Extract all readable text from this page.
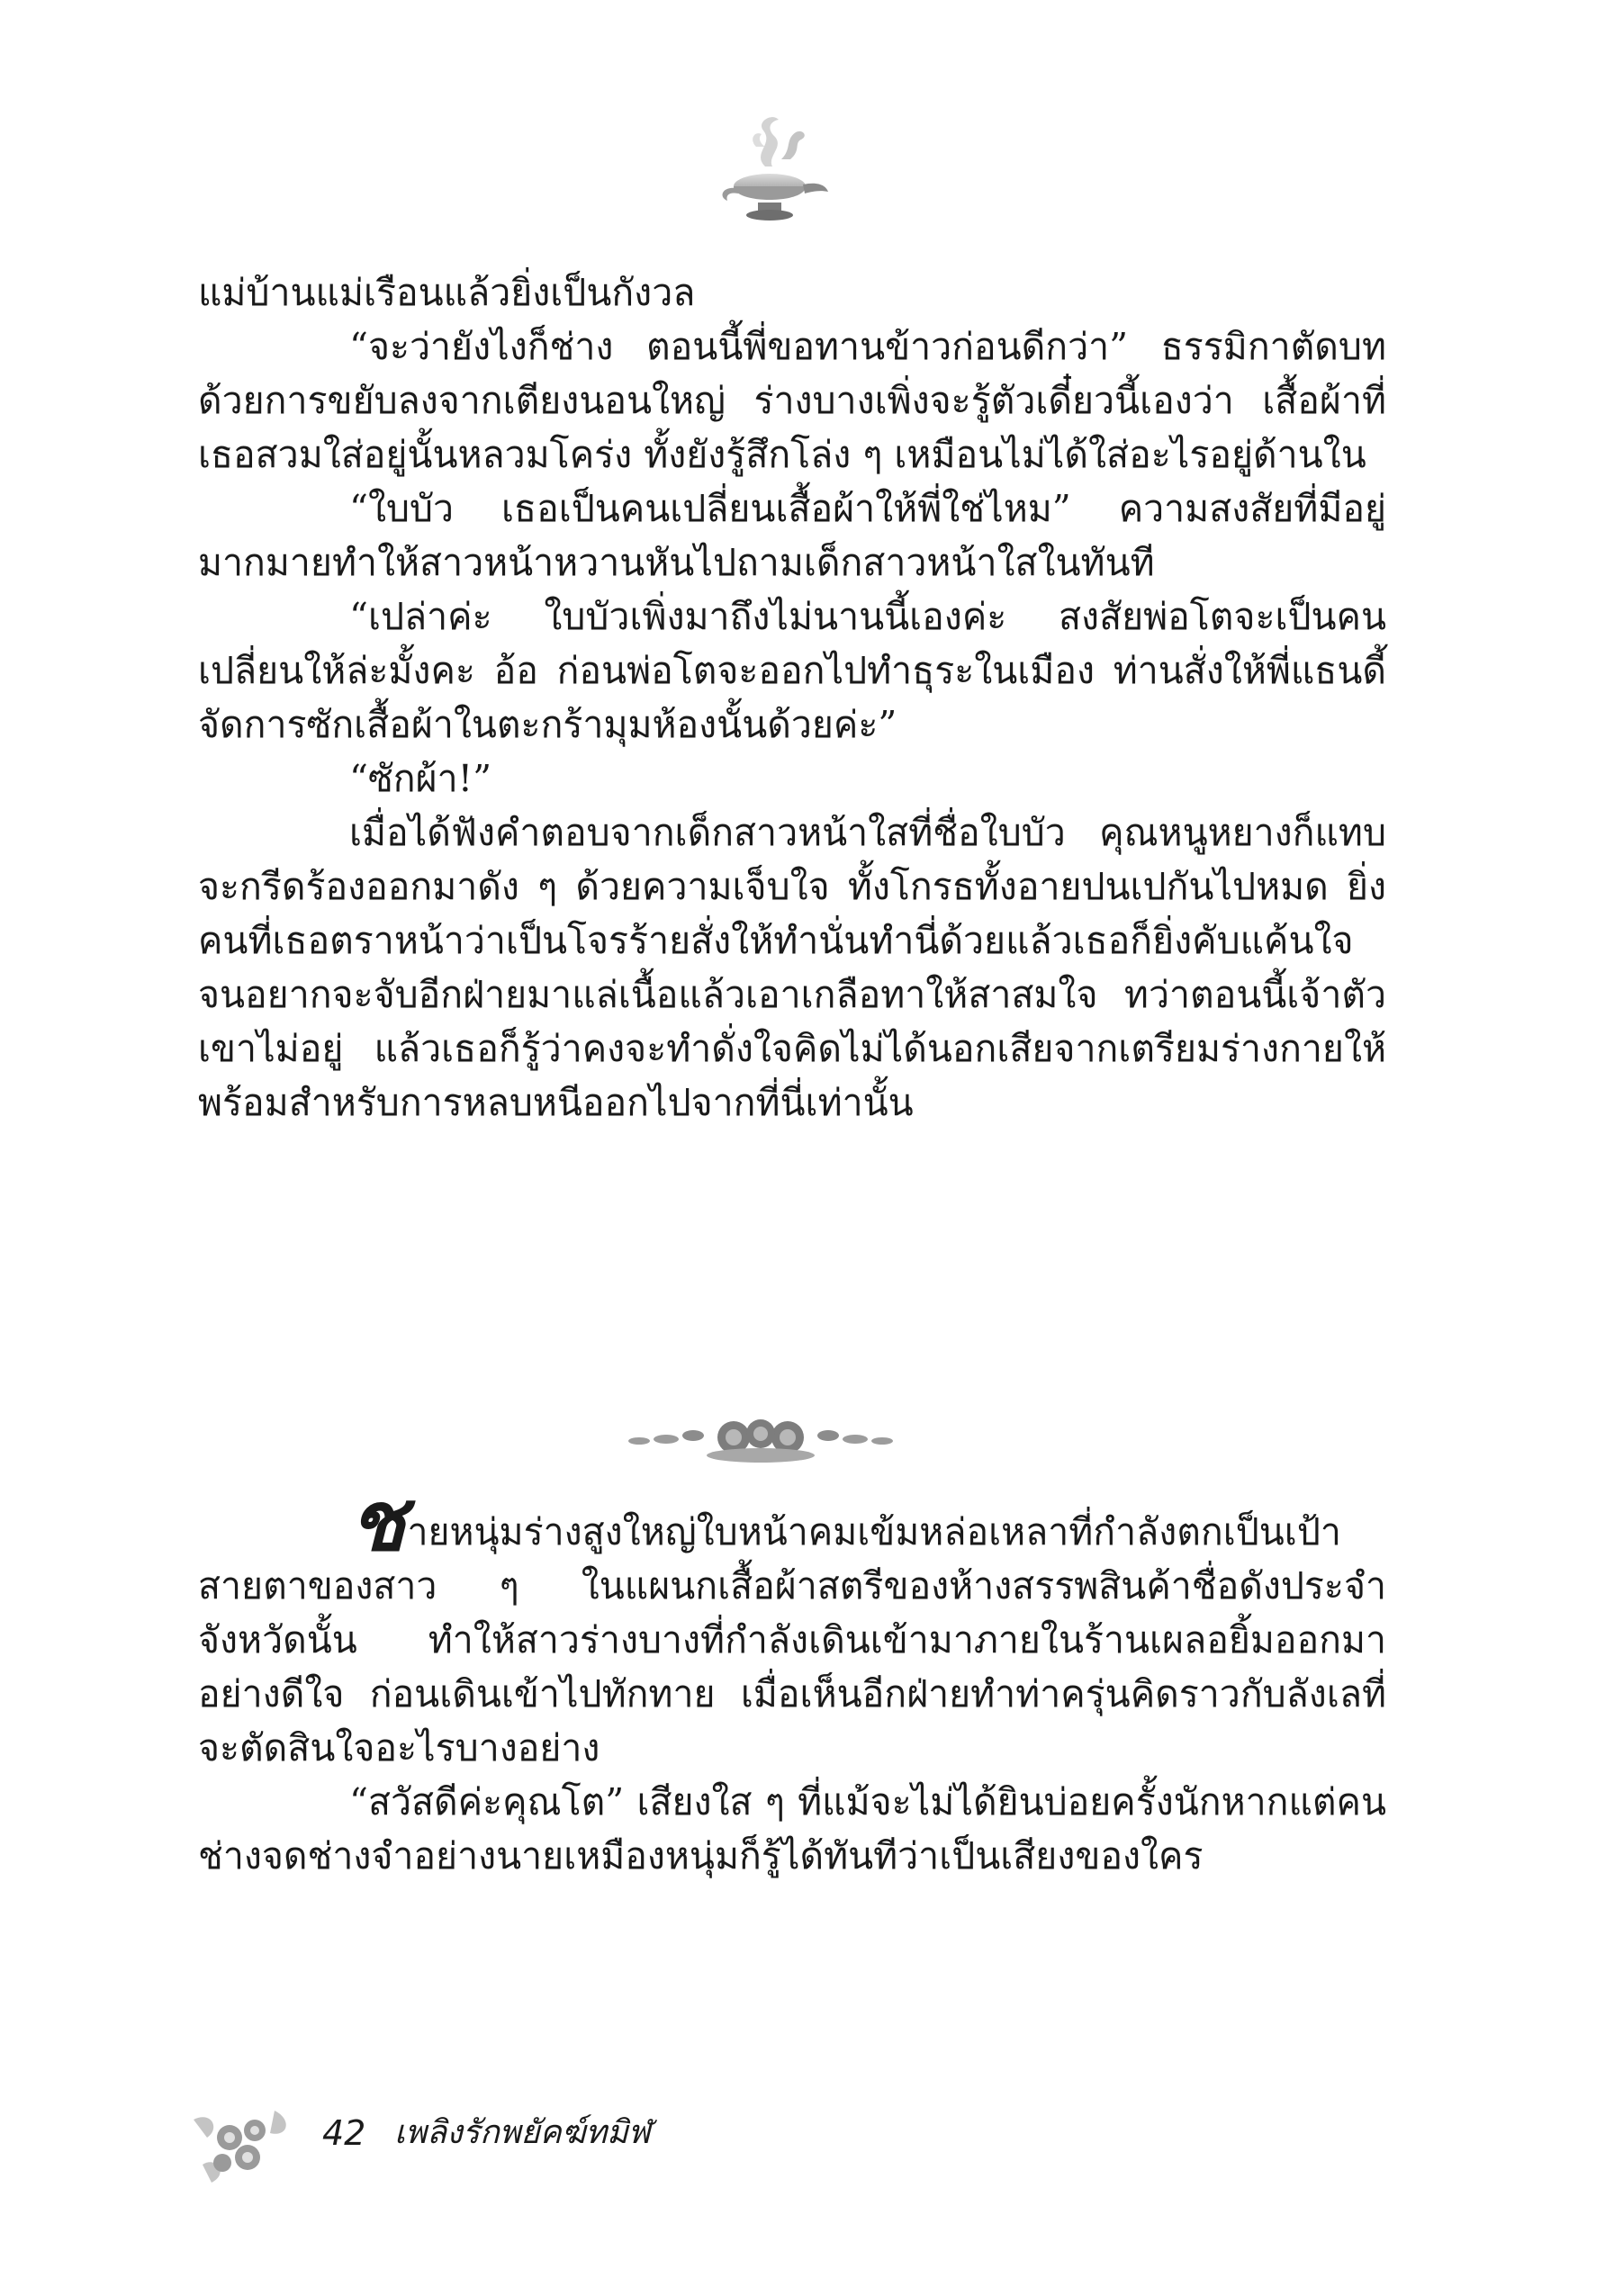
แม่บ้านแม่เรือนแล้วยิ่งเป็นกังวล

“จะว่ายังไงก็ช่าง ตอนนี้พี่ขอทานข้าวก่อนดีกว่า” ธรรมิกาตัดบทด้วยการขยับลงจากเตียงนอนใหญ่ ร่างบางเพิ่งจะรู้ตัวเดี๋ยวนี้เองว่า เสื้อผ้าที่เธอสวมใส่อยู่นั้นหลวมโคร่ง ทั้งยังรู้สึกโล่ง ๆ เหมือนไม่ได้ใส่อะไรอยู่ด้านใน

“ใบบัว เธอเป็นคนเปลี่ยนเสื้อผ้าให้พี่ใช่ไหม” ความสงสัยที่มีอยู่มากมายทำให้สาวหน้าหวานหันไปถามเด็กสาวหน้าใสในทันที

“เปล่าค่ะ ใบบัวเพิ่งมาถึงไม่นานนี้เองค่ะ สงสัยพ่อโตจะเป็นคนเปลี่ยนให้ล่ะมั้งคะ อ้อ ก่อนพ่อโตจะออกไปทำธุระในเมือง ท่านสั่งให้พี่แธนดี้จัดการซักเสื้อผ้าในตะกร้ามุมห้องนั้นด้วยค่ะ”

“ซักผ้า!”

เมื่อได้ฟังคำตอบจากเด็กสาวหน้าใสที่ชื่อใบบัว คุณหนูหยางก็แทบจะกรีดร้องออกมาดัง ๆ ด้วยความเจ็บใจ ทั้งโกรธทั้งอายปนเปกันไปหมด ยิ่งคนที่เธอตราหน้าว่าเป็นโจรร้ายสั่งให้ทำนั่นทำนี่ด้วยแล้วเธอก็ยิ่งคับแค้นใจจนอยากจะจับอีกฝ่ายมาแล่เนื้อแล้วเอาเกลือทาให้สาสมใจ ทว่าตอนนี้เจ้าตัวเขาไม่อยู่ แล้วเธอก็รู้ว่าคงจะทำดั่งใจคิดไม่ได้นอกเสียจากเตรียมร่างกายให้พร้อมสำหรับการหลบหนีออกไปจากที่นี่เท่านั้น

ชายหนุ่มร่างสูงใหญ่ใบหน้าคมเข้มหล่อเหลาที่กำลังตกเป็นเป้าสายตาของสาว ๆ ในแผนกเสื้อผ้าสตรีของห้างสรรพสินค้าชื่อดังประจำจังหวัดนั้น ทำให้สาวร่างบางที่กำลังเดินเข้ามาภายในร้านเผลอยิ้มออกมาอย่างดีใจ ก่อนเดินเข้าไปทักทาย เมื่อเห็นอีกฝ่ายทำท่าครุ่นคิดราวกับลังเลที่จะตัดสินใจอะไรบางอย่าง

“สวัสดีค่ะคุณโต” เสียงใส ๆ ที่แม้จะไม่ได้ยินบ่อยครั้งนักหากแต่คนช่างจดช่างจำอย่างนายเหมืองหนุ่มก็รู้ได้ทันทีว่าเป็นเสียงของใคร

42 เพลิงรักพยัคฆ์ทมิฬ
